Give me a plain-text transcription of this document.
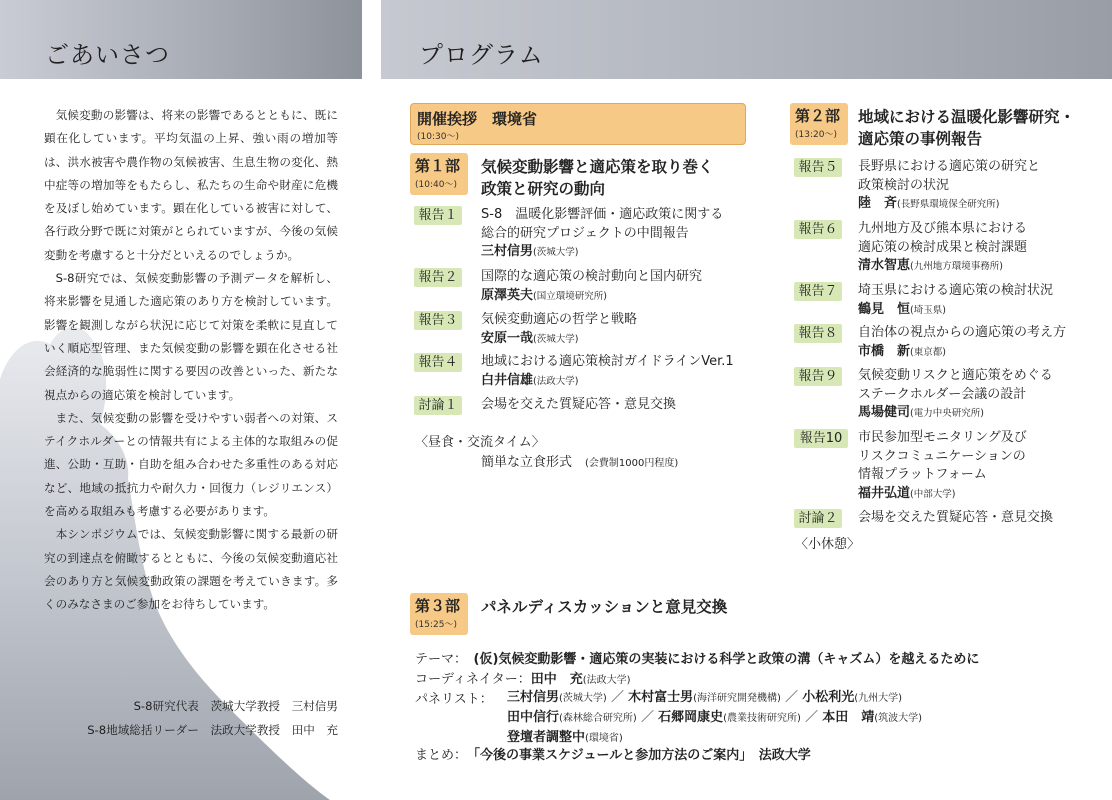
ごあいさつ	プログラム

気候変動の影響は、将来の影響であるとともに、既に顕在化しています。平均気温の上昇、強い雨の増加等は、洪水被害や農作物の気候被害、生息生物の変化、熱中症等の増加等をもたらし、私たちの生命や財産に危機を及ぼし始めています。顕在化している被害に対して、各行政分野で既に対策がとられていますが、今後の気候変動を考慮すると十分だといえるのでしょうか。

S-8研究では、気候変動影響の予測データを解析し、将来影響を見通した適応策のあり方を検討しています。影響を観測しながら状況に応じて対策を柔軟に見直していく順応型管理、また気候変動の影響を顕在化させる社会経済的な脆弱性に関する要因の改善といった、新たな視点からの適応策を検討しています。

また、気候変動の影響を受けやすい弱者への対策、ステイクホルダーとの情報共有による主体的な取組みの促進、公助・互助・自助を組み合わせた多重性のある対応など、地域の抵抗力や耐久力・回復力（レジリエンス）を高める取組みも考慮する必要があります。

本シンポジウムでは、気候変動影響に関する最新の研究の到達点を俯瞰するとともに、今後の気候変動適応社会のあり方と気候変動政策の課題を考えていきます。多くのみなさまのご参加をお待ちしています。

S-8研究代表　茨城大学教授　三村信男
S-8地域総括リーダー　法政大学教授　田中　充
開催挨拶　環境省
(10:30～)
第１部
(10:40～)
気候変動影響と適応策を取り巻く
政策と研究の動向
報告１	S-8　温暖化影響評価・適応政策に関する
総合的研究プロジェクトの中間報告
三村信男(茨城大学)
報告２	国際的な適応策の検討動向と国内研究
原澤英夫(国立環境研究所)
報告３	気候変動適応の哲学と戦略
安原一哉(茨城大学)
報告４	地域における適応策検討ガイドラインVer.1
白井信雄(法政大学)
討論１	会場を交えた質疑応答・意見交換
〈昼食・交流タイム〉
簡単な立食形式　 (会費制1000円程度)
第２部
(13:20～)
地域における温暖化影響研究・
適応策の事例報告
報告５	長野県における適応策の研究と
政策検討の状況
陸　斉(長野県環境保全研究所)
報告６	九州地方及び熊本県における
適応策の検討成果と検討課題
清水智恵(九州地方環境事務所)
報告７	埼玉県における適応策の検討状況
鶴見　恒(埼玉県)
報告８	自治体の視点からの適応策の考え方
市橋　新(東京都)
報告９	気候変動リスクと適応策をめぐる
ステークホルダー会議の設計
馬場健司(電力中央研究所)
報告10	市民参加型モニタリング及び
リスクコミュニケーションの
情報プラットフォーム
福井弘道(中部大学)
討論２	会場を交えた質疑応答・意見交換
〈小休憩〉
第３部
(15:25～)
パネルディスカッションと意見交換
テーマ：　 (仮)気候変動影響・適応策の実装における科学と政策の溝（キャズム）を越えるために
コーディネイター：田中　充(法政大学)
パネリスト： 三村信男(茨城大学) ／ 木村富士男(海洋研究開発機構) ／ 小松利光(九州大学)
田中信行(森林総合研究所) ／ 石郷岡康史(農業技術研究所) ／ 本田　靖(筑波大学)
登壇者調整中(環境省)
まとめ：　 「今後の事業スケジュールと参加方法のご案内」　法政大学
